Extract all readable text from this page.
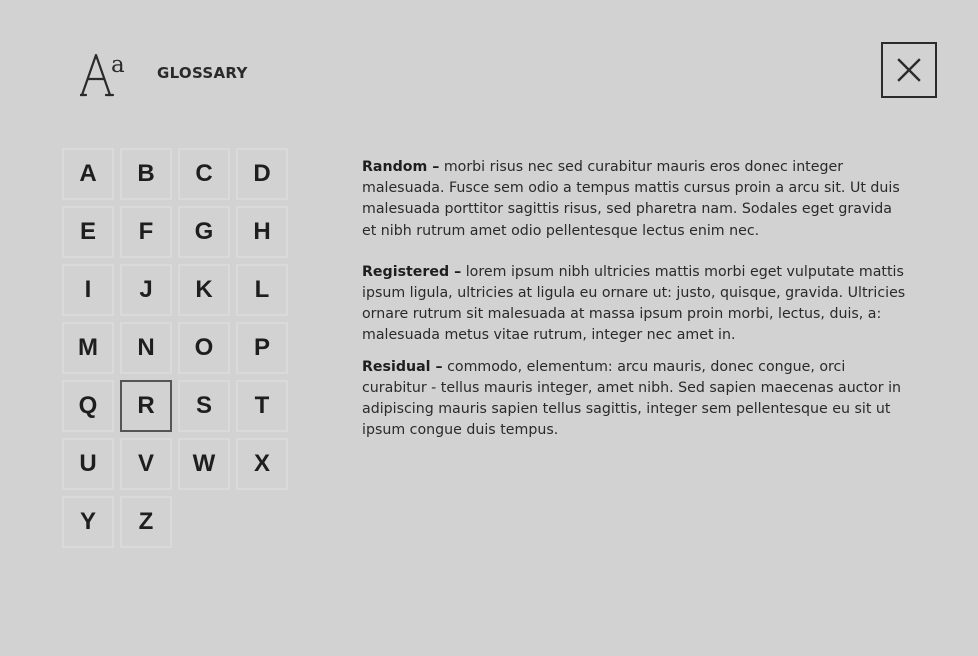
a GLOSSARY
A	B	C	D
E	F	G	H
I	J	K	L
M	N	O	P
Q	R	S	T
U	V	W	X
Y	Z

Random – morbi risus nec sed curabitur mauris eros donec integer malesuada. Fusce sem odio a tempus mattis cursus proin a arcu sit. Ut duis malesuada porttitor sagittis risus, sed pharetra nam. Sodales eget gravida et nibh rutrum amet odio pellentesque lectus enim nec.

Registered – lorem ipsum nibh ultricies mattis morbi eget vulputate mattis ipsum ligula, ultricies at ligula eu ornare ut: justo, quisque, gravida. Ultricies ornare rutrum sit malesuada at massa ipsum proin morbi, lectus, duis, a: malesuada metus vitae rutrum, integer nec amet in.

Residual – commodo, elementum: arcu mauris, donec congue, orci curabitur - tellus mauris integer, amet nibh. Sed sapien maecenas auctor in adipiscing mauris sapien tellus sagittis, integer sem pellentesque eu sit ut ipsum congue duis tempus.
